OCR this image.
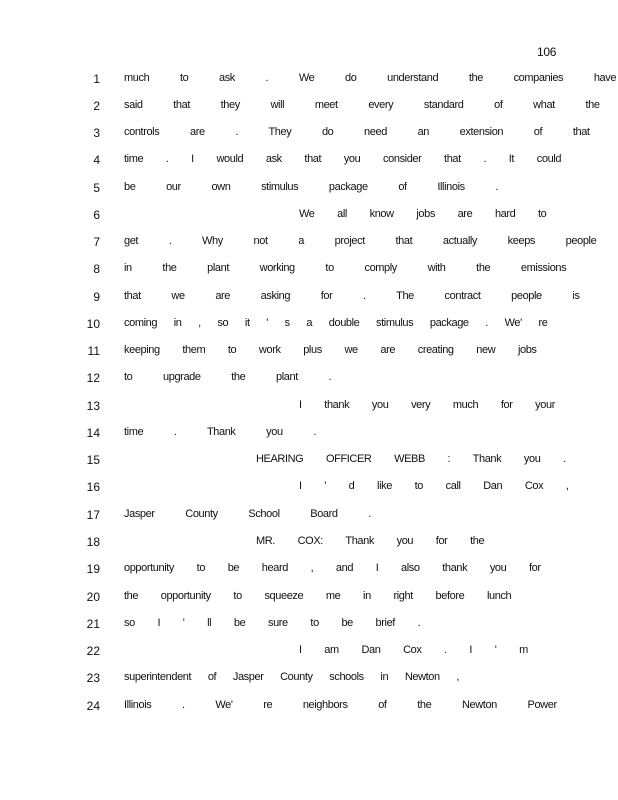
106
1 much to ask . We do understand the companies have
2 said that they will meet every standard of what the
3 controls are . They do need an extension of that
4 time . I would ask that you consider that . It could
5 be our own stimulus package of Illinois .
6	We all know jobs are hard to
7 get . Why not a project that actually keeps people
8 in the plant working to comply with the emissions
9 that we are asking for . The contract people is
10 coming in , so it ' s a double stimulus package . We' re
11 keeping them to work plus we are creating new jobs
12 to upgrade the plant .
13	I thank you very much for your
14 time . Thank you .
15	HEARING OFFICER WEBB : Thank you .
16	I ' d like to call Dan Cox ,
17 Jasper County School Board .
18	MR. COX: Thank you for the
19 opportunity to be heard , and I also thank you for
20 the opportunity to squeeze me in right before lunch
21 so I ' ll be sure to be brief .
22	I am Dan Cox . I ' m
23 superintendent of Jasper County schools in Newton ,
24 Illinois . We' re neighbors of the Newton Power
